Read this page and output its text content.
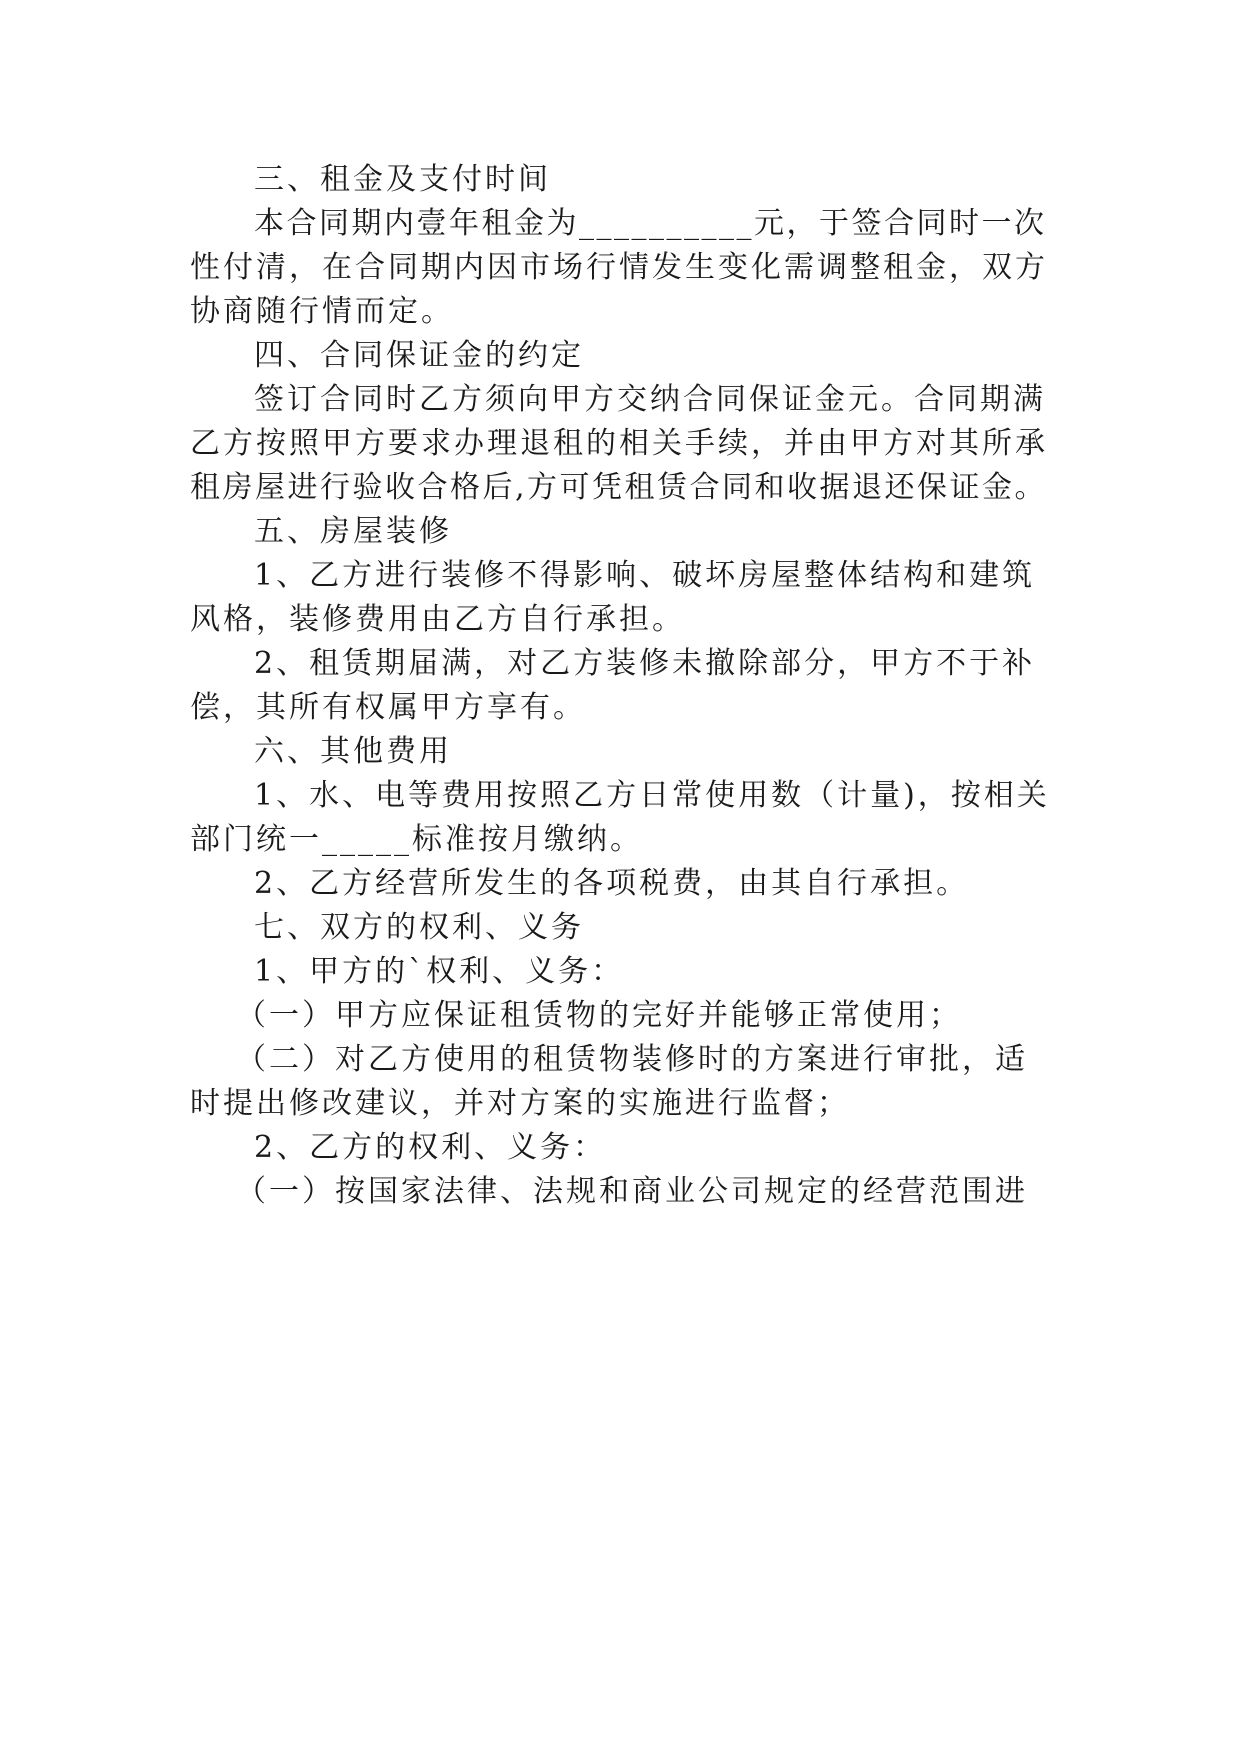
三、租金及支付时间
本合同期内壹年租金为__________元，于签合同时一次
性付清，在合同期内因市场行情发生变化需调整租金，双方
协商随行情而定。
四、合同保证金的约定
签订合同时乙方须向甲方交纳合同保证金元。合同期满
乙方按照甲方要求办理退租的相关手续，并由甲方对其所承
租房屋进行验收合格后,方可凭租赁合同和收据退还保证金。
五、房屋装修
1、乙方进行装修不得影响、破坏房屋整体结构和建筑
风格，装修费用由乙方自行承担。
2、租赁期届满，对乙方装修未撤除部分，甲方不于补
偿，其所有权属甲方享有。
六、其他费用
1、水、电等费用按照乙方日常使用数（计量)，按相关
部门统一_____标准按月缴纳。
2、乙方经营所发生的各项税费，由其自行承担。
七、双方的权利、义务
1、甲方的`权利、义务：
（一）甲方应保证租赁物的完好并能够正常使用；
（二）对乙方使用的租赁物装修时的方案进行审批，适
时提出修改建议，并对方案的实施进行监督；
2、乙方的权利、义务：
（一）按国家法律、法规和商业公司规定的经营范围进
